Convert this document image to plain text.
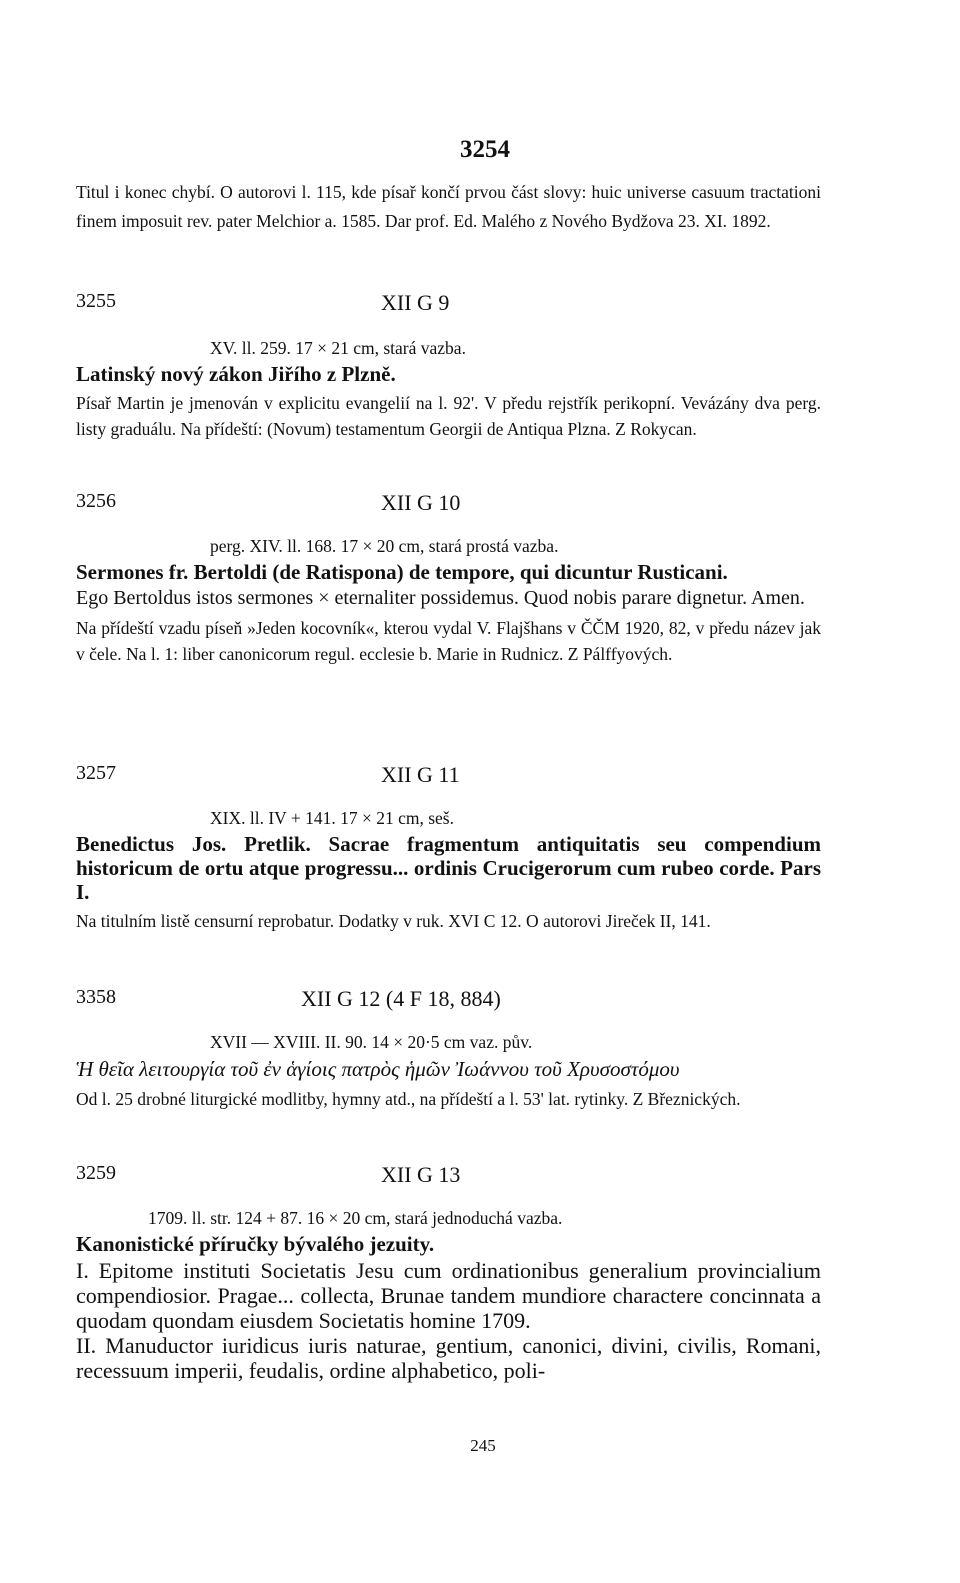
3254

Titul i konec chybí. O autorovi l. 115, kde písař končí prvou část slovy: huic universe casuum tractationi finem imposuit rev. pater Melchior a. 1585. Dar prof. Ed. Malého z Nového Bydžova 23. XI. 1892.

3255	XII G 9
XV. ll. 259. 17 × 21 cm, stará vazba.

Latinský nový zákon Jiřího z Plzně.

Písař Martin je jmenován v explicitu evangelií na l. 92'. V předu rejstřík perikopní. Vevázány dva perg. listy graduálu. Na přídeští: (Novum) testamentum Georgii de Antiqua Plzna. Z Rokycan.

3256	XII G 10
perg. XIV. ll. 168. 17 × 20 cm, stará prostá vazba.

Sermones fr. Bertoldi (de Ratispona) de tempore, qui dicuntur Rusticani.

Ego Bertoldus istos sermones × eternaliter possidemus. Quod nobis parare dignetur. Amen.

Na přídeští vzadu píseň »Jeden kocovník«, kterou vydal V. Flajšhans v ČČM 1920, 82, v předu název jak v čele. Na l. 1: liber canonicorum regul. ecclesie b. Marie in Rudnicz. Z Pálffyových.

3257	XII G 11
XIX. ll. IV + 141. 17 × 21 cm, seš.

Benedictus Jos. Pretlik. Sacrae fragmentum antiquitatis seu compendium historicum de ortu atque progressu... ordinis Crucigerorum cum rubeo corde. Pars I.

Na titulním listě censurní reprobatur. Dodatky v ruk. XVI C 12. O autorovi Jireček II, 141.

3358	XII G 12 (4 F 18, 884)
XVII — XVIII. II. 90. 14 × 20·5 cm vaz. pův.

Ἡ θεῖα λειτουργία τοῦ ἐν ἁγίοις πατρὸς ἡμῶν Ἰωάννου τοῦ Χρυσοστόμου

Od l. 25 drobné liturgické modlitby, hymny atd., na přídeští a l. 53' lat. rytinky. Z Březnických.

3259	XII G 13
1709. ll. str. 124 + 87. 16 × 20 cm, stará jednoduchá vazba.

Kanonistické příručky bývalého jezuity.

I. Epitome instituti Societatis Jesu cum ordinationibus generalium provincialium compendiosior. Pragae... collecta, Brunae tandem mundiore charactere concinnata a quodam quondam eiusdem Societatis homine 1709.

II. Manuductor iuridicus iuris naturae, gentium, canonici, divini, civilis, Romani, recessuum imperii, feudalis, ordine alphabetico, poli-

245
